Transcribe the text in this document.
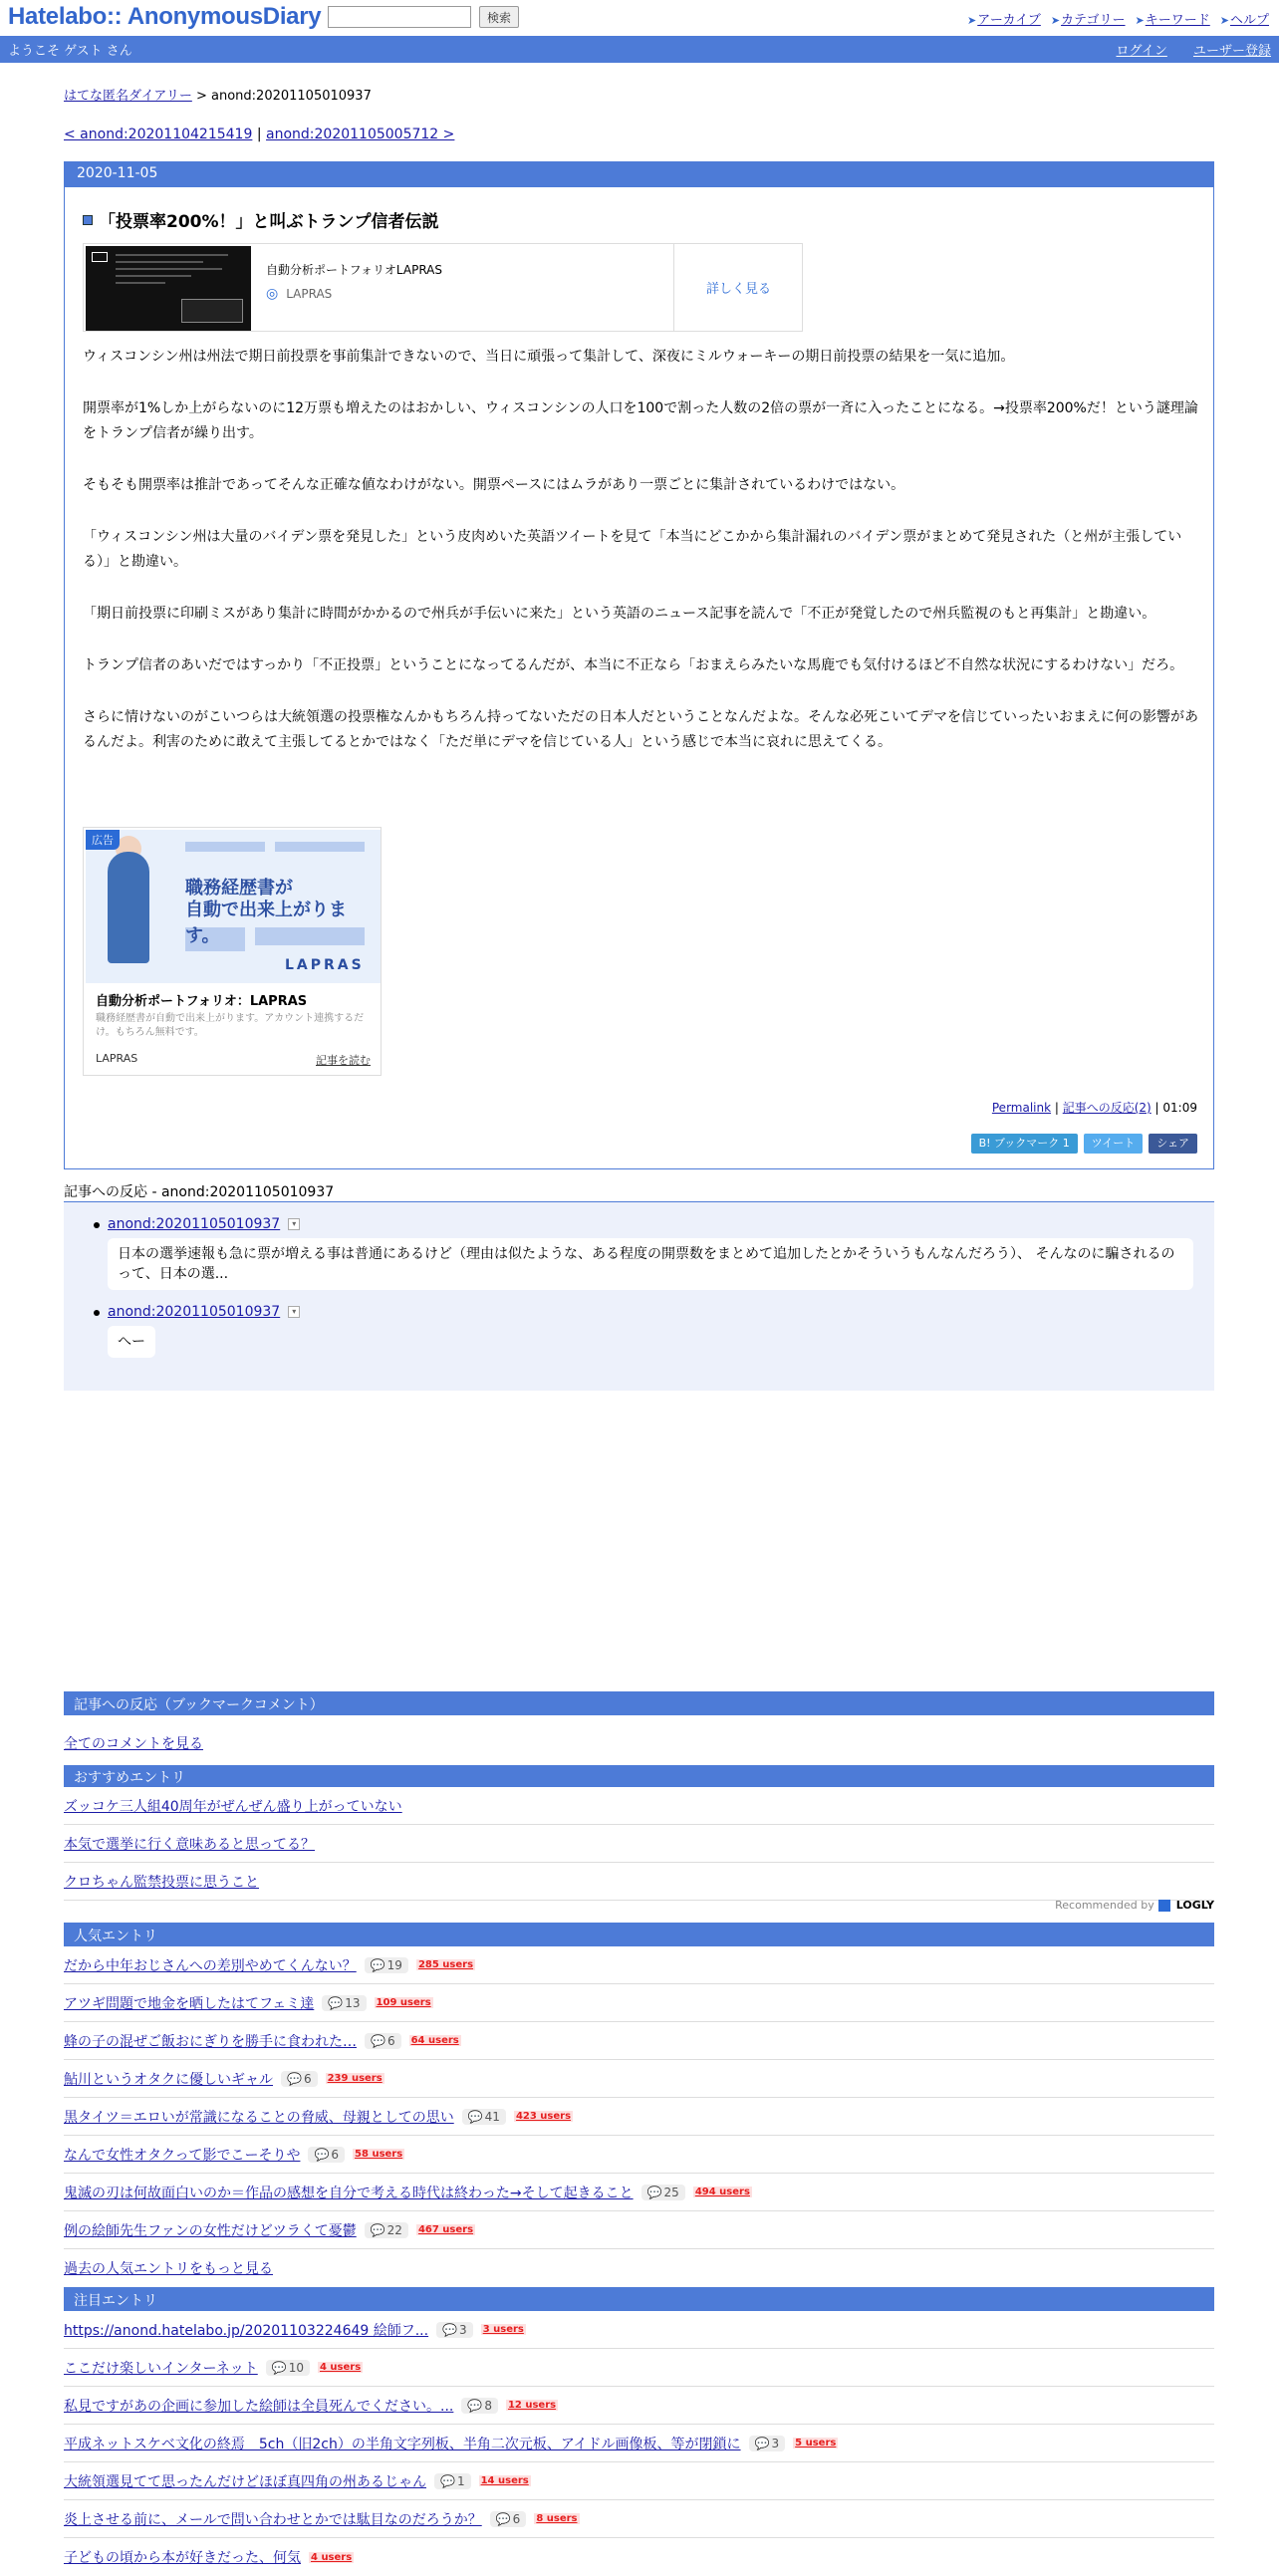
Hatelabo:: AnonymousDiary	検索	➤アーカイブ ➤カテゴリー ➤キーワード ➤ヘルプ
ようこそ ゲスト さん	ログイン ユーザー登録
はてな匿名ダイアリー > anond:20201105010937
< anond:20201104215419 | anond:20201105005712 >
2020-11-05
「投票率200%！」と叫ぶトランプ信者伝説
自動分析ポートフォリオLAPRAS
◎ LAPRAS	詳しく見る

ウィスコンシン州は州法で期日前投票を事前集計できないので、当日に頑張って集計して、深夜にミルウォーキーの期日前投票の結果を一気に追加。

開票率が1%しか上がらないのに12万票も増えたのはおかしい、ウィスコンシンの人口を100で割った人数の2倍の票が一斉に入ったことになる。→投票率200%だ！という謎理論をトランプ信者が繰り出す。

そもそも開票率は推計であってそんな正確な値なわけがない。開票ペースにはムラがあり一票ごとに集計されているわけではない。

「ウィスコンシン州は大量のバイデン票を発見した」という皮肉めいた英語ツイートを見て「本当にどこかから集計漏れのバイデン票がまとめて発見された（と州が主張している）」と勘違い。

「期日前投票に印刷ミスがあり集計に時間がかかるので州兵が手伝いに来た」という英語のニュース記事を読んで「不正が発覚したので州兵監視のもと再集計」と勘違い。

トランプ信者のあいだではすっかり「不正投票」ということになってるんだが、本当に不正なら「おまえらみたいな馬鹿でも気付けるほど不自然な状況にするわけない」だろ。

さらに情けないのがこいつらは大統領選の投票権なんかもちろん持ってないただの日本人だということなんだよな。そんな必死こいてデマを信じていったいおまえに何の影響があるんだよ。利害のために敢えて主張してるとかではなく「ただ単にデマを信じている人」という感じで本当に哀れに思えてくる。

広告
職務経歴書が
自動で出来上がります。
LAPRAS
自動分析ポートフォリオ：LAPRAS
職務経歴書が自動で出来上がります。アカウント連携するだけ。もちろん無料です。
LAPRAS	記事を読む
Permalink | 記事への反応(2) | 01:09
B! ブックマーク 1	ツイート	シェア
記事への反応 - anond:20201105010937
anond:20201105010937	▾
日本の選挙速報も急に票が増える事は普通にあるけど（理由は似たような、ある程度の開票数をまとめて追加したとかそういうもんなんだろう）、 そんなのに騙されるのって、日本の選...
anond:20201105010937	▾
へー
記事への反応（ブックマークコメント）
全てのコメントを見る
おすすめエントリ
ズッコケ三人組40周年がぜんぜん盛り上がっていない
本気で選挙に行く意味あると思ってる？
クロちゃん監禁投票に思うこと
Recommended by LOGLY
人気エントリ
だから中年おじさんへの差別やめてくんない？ 💬 19 285 users
アツギ問題で地金を晒したはてフェミ達 💬 13 109 users
蜂の子の混ぜご飯おにぎりを勝手に食われた… 💬 6 64 users
鮎川というオタクに優しいギャル 💬 6 239 users
黒タイツ＝エロいが常識になることの脅威、母親としての思い 💬 41 423 users
なんで女性オタクって影でこーそりや 💬 6 58 users
鬼滅の刃は何故面白いのか＝作品の感想を自分で考える時代は終わった→そして起きること 💬 25 494 users
例の絵師先生ファンの女性だけどツラくて憂鬱 💬 22 467 users
過去の人気エントリをもっと見る
注目エントリ
https://anond.hatelabo.jp/20201103224649 絵師フ... 💬 3 3 users
ここだけ楽しいインターネット 💬 10 4 users
私見ですがあの企画に参加した絵師は全員死んでください。... 💬 8 12 users
平成ネットスケベ文化の終焉　5ch（旧2ch）の半角文字列板、半角二次元板、アイドル画像板、等が閉鎖に 💬 3 5 users
大統領選見てて思ったんだけどほぼ真四角の州あるじゃん 💬 1 14 users
炎上させる前に、メールで問い合わせとかでは駄目なのだろうか？ 💬 6 8 users
子どもの頃から本が好きだった、何気 4 users
